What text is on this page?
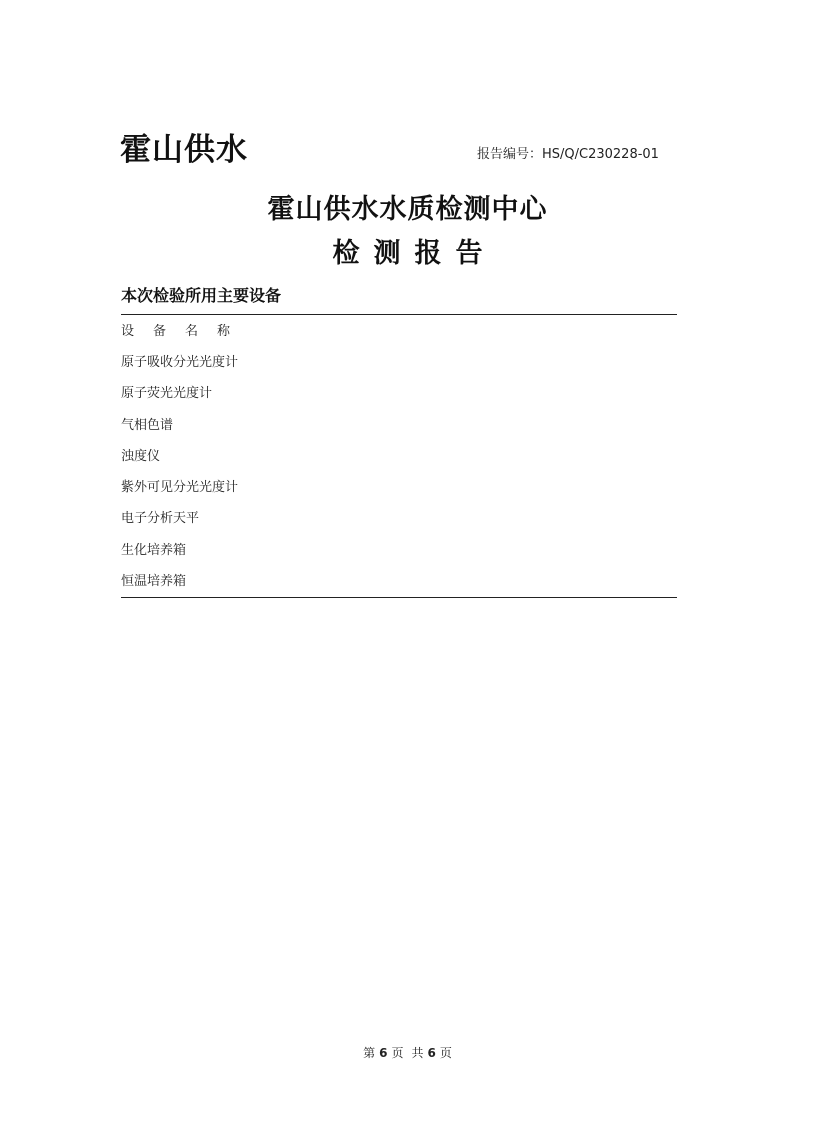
霍山供水	报告编号：HS/Q/C230228-01
霍山供水水质检测中心
检测报告
本次检验所用主要设备
设备名称
原子吸收分光光度计
原子荧光光度计
气相色谱
浊度仪
紫外可见分光光度计
电子分析天平
生化培养箱
恒温培养箱
第 6 页 共 6 页
